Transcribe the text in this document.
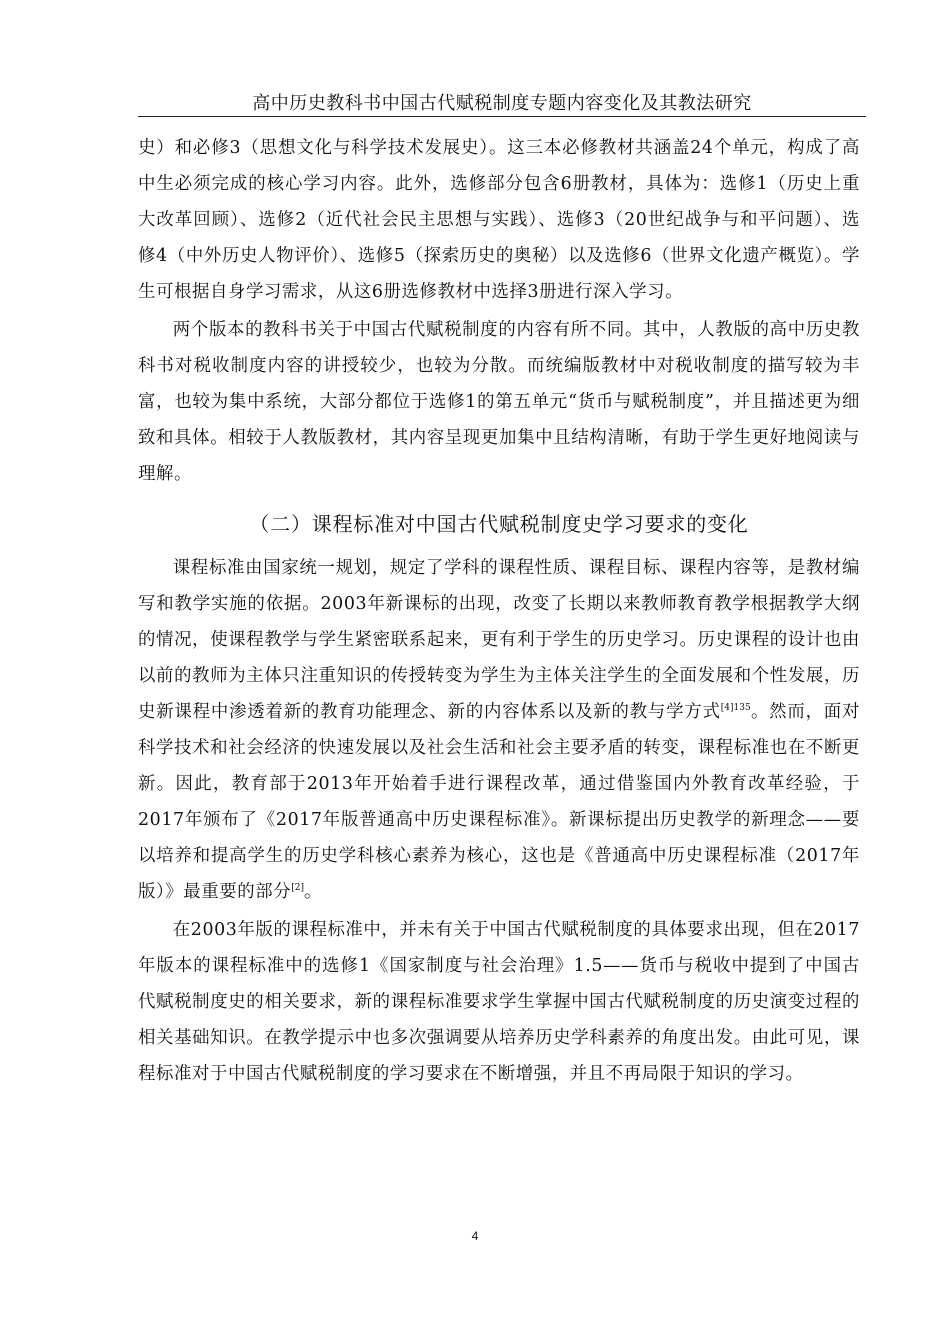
高中历史教科书中国古代赋税制度专题内容变化及其教法研究

史）和必修3（思想文化与科学技术发展史）。这三本必修教材共涵盖24个单元，构成了高中生必须完成的核心学习内容。此外，选修部分包含6册教材，具体为：选修1（历史上重大改革回顾）、选修2（近代社会民主思想与实践）、选修3（20世纪战争与和平问题）、选修4（中外历史人物评价）、选修5（探索历史的奥秘）以及选修6（世界文化遗产概览）。学生可根据自身学习需求，从这6册选修教材中选择3册进行深入学习。

两个版本的教科书关于中国古代赋税制度的内容有所不同。其中，人教版的高中历史教科书对税收制度内容的讲授较少，也较为分散。而统编版教材中对税收制度的描写较为丰富，也较为集中系统，大部分都位于选修1的第五单元“货币与赋税制度”，并且描述更为细致和具体。相较于人教版教材，其内容呈现更加集中且结构清晰，有助于学生更好地阅读与理解。

（二）课程标准对中国古代赋税制度史学习要求的变化

课程标准由国家统一规划，规定了学科的课程性质、课程目标、课程内容等，是教材编写和教学实施的依据。2003年新课标的出现，改变了长期以来教师教育教学根据教学大纲的情况，使课程教学与学生紧密联系起来，更有利于学生的历史学习。历史课程的设计也由以前的教师为主体只注重知识的传授转变为学生为主体关注学生的全面发展和个性发展，历史新课程中渗透着新的教育功能理念、新的内容体系以及新的教与学方式$^{[4]135}$。然而，面对科学技术和社会经济的快速发展以及社会生活和社会主要矛盾的转变，课程标准也在不断更新。因此，教育部于2013年开始着手进行课程改革，通过借鉴国内外教育改革经验，于2017年颁布了《2017年版普通高中历史课程标准》。新课标提出历史教学的新理念——要以培养和提高学生的历史学科核心素养为核心，这也是《普通高中历史课程标准（2017年版）》最重要的部分[2]。

在2003年版的课程标准中，并未有关于中国古代赋税制度的具体要求出现，但在2017年版本的课程标准中的选修1《国家制度与社会治理》1.5——货币与税收中提到了中国古代赋税制度史的相关要求，新的课程标准要求学生掌握中国古代赋税制度的历史演变过程的相关基础知识。在教学提示中也多次强调要从培养历史学科素养的角度出发。由此可见，课程标准对于中国古代赋税制度的学习要求在不断增强，并且不再局限于知识的学习。

4
